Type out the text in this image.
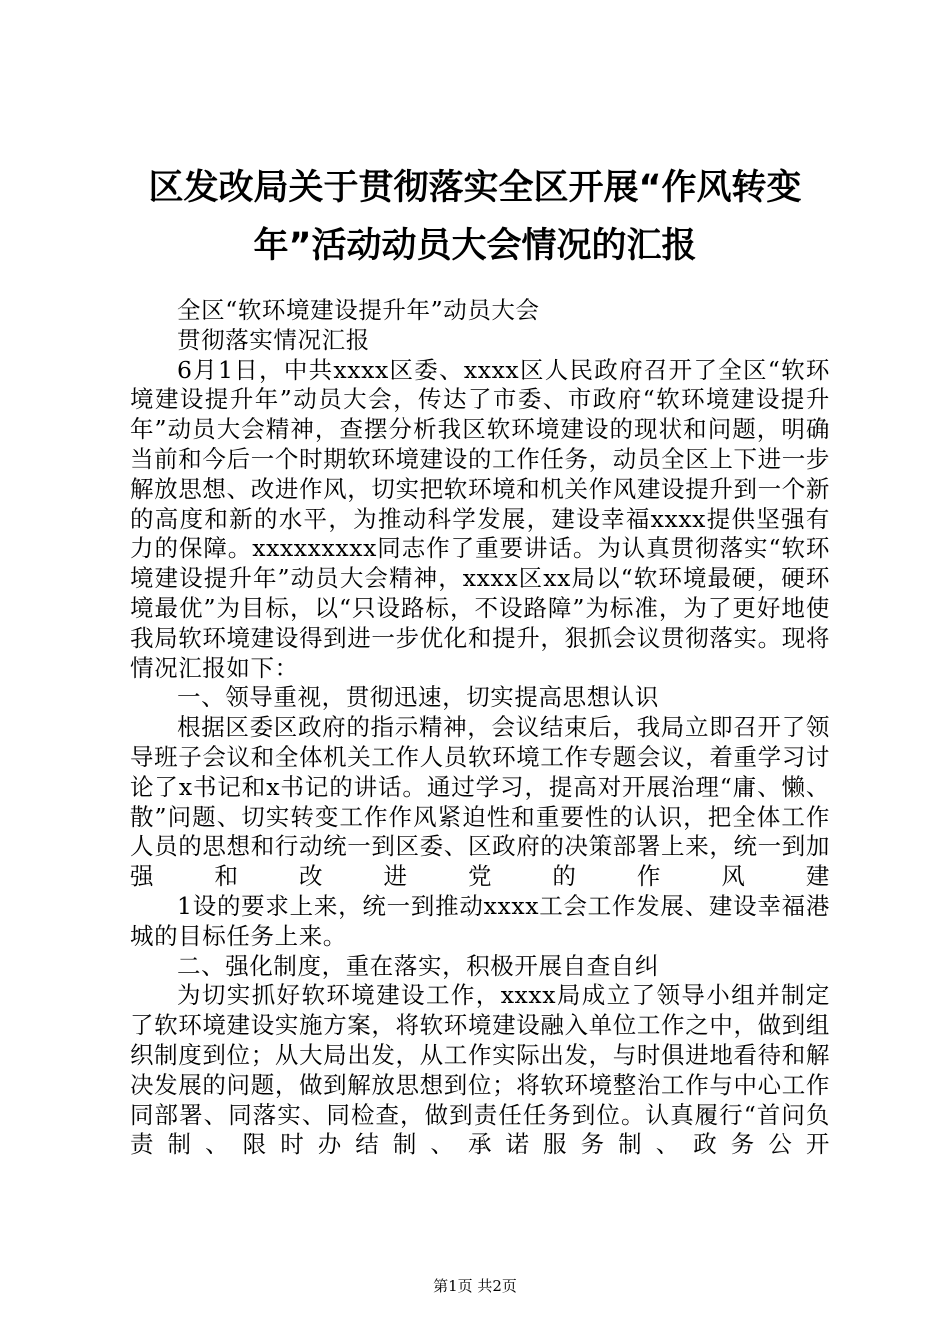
区发改局关于贯彻落实全区开展“作风转变
年”活动动员大会情况的汇报

全区“软环境建设提升年”动员大会

贯彻落实情况汇报

6月1日，中共xxxx区委、xxxx区人民政府召开了全区“软环境建设提升年”动员大会，传达了市委、市政府“软环境建设提升年”动员大会精神，查摆分析我区软环境建设的现状和问题，明确当前和今后一个时期软环境建设的工作任务，动员全区上下进一步解放思想、改进作风，切实把软环境和机关作风建设提升到一个新的高度和新的水平，为推动科学发展，建设幸福xxxx提供坚强有力的保障。xxxxxxxxx同志作了重要讲话。为认真贯彻落实“软环境建设提升年”动员大会精神，xxxx区xx局以“软环境最硬，硬环境最优”为目标，以“只设路标，不设路障”为标准，为了更好地使我局软环境建设得到进一步优化和提升，狠抓会议贯彻落实。现将情况汇报如下：

一、领导重视，贯彻迅速，切实提高思想认识

根据区委区政府的指示精神，会议结束后，我局立即召开了领导班子会议和全体机关工作人员软环境工作专题会议，着重学习讨论了x书记和x书记的讲话。通过学习，提高对开展治理“庸、懒、散”问题、切实转变工作作风紧迫性和重要性的认识，把全体工作人员的思想和行动统一到区委、区政府的决策部署上来，统一到加强和改进党的作风建

1设的要求上来，统一到推动xxxx工会工作发展、建设幸福港城的目标任务上来。

二、强化制度，重在落实，积极开展自查自纠

为切实抓好软环境建设工作，xxxx局成立了领导小组并制定了软环境建设实施方案，将软环境建设融入单位工作之中，做到组织制度到位；从大局出发，从工作实际出发，与时俱进地看待和解决发展的问题，做到解放思想到位；将软环境整治工作与中心工作同部署、同落实、同检查，做到责任任务到位。认真履行“首问负责制、限时办结制、承诺服务制、政务公开

第1页 共2页
